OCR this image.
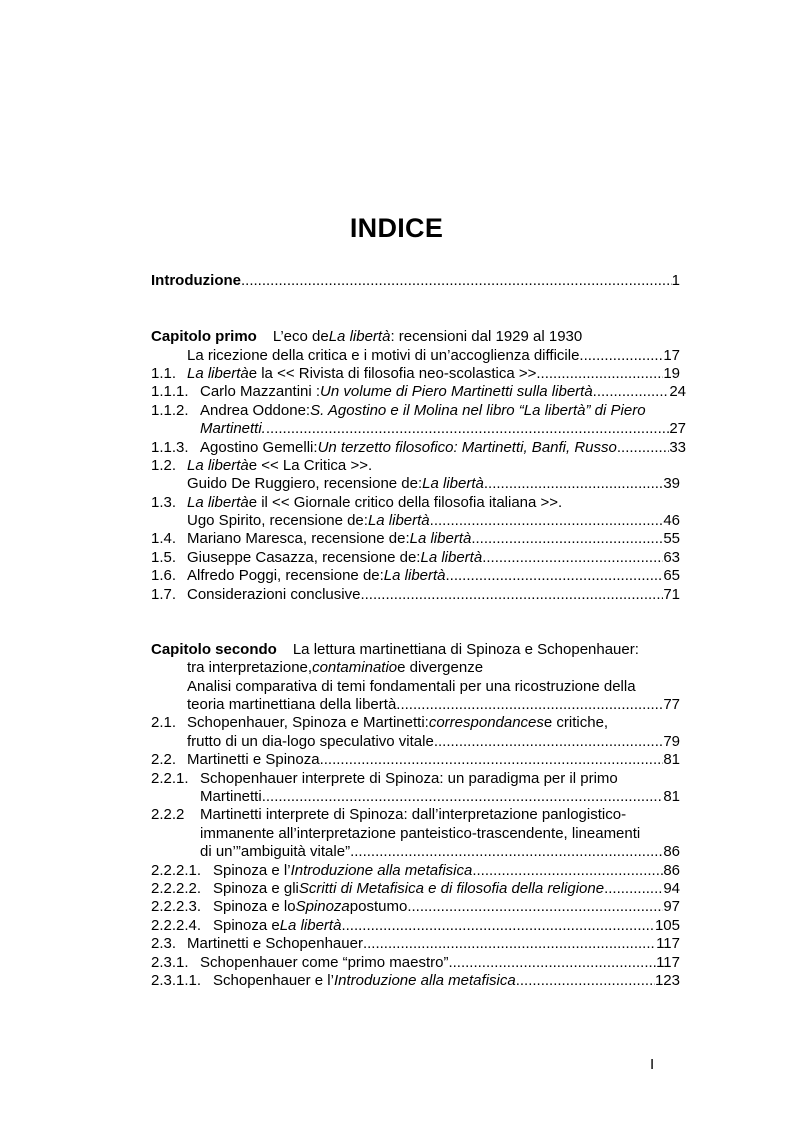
INDICE
Introduzione .....	1
Capitolo primo L’eco de La libertà : recensioni dal 1929 al 1930
La ricezione della critica e i motivi di un’accoglienza difficile .....	17
1.1. La libertà e la << Rivista di filosofia neo-scolastica >> .....	19
1.1.1. Carlo Mazzantini : Un volume di Piero Martinetti sulla libertà .....	24
1.1.2. Andrea Oddone: S. Agostino e il Molina nel libro “La libertà” di Piero
Martinetti. .....	27
1.1.3. Agostino Gemelli: Un terzetto filosofico: Martinetti, Banfi, Russo .....	33
1.2. La libertà e << La Critica >>.
Guido De Ruggiero, recensione de: La libertà .....	39
1.3. La libertà e il << Giornale critico della filosofia italiana >>.
Ugo Spirito, recensione de: La libertà .....	46
1.4. Mariano Maresca, recensione de: La libertà .....	55
1.5. Giuseppe Casazza, recensione de: La libertà .....	63
1.6. Alfredo Poggi, recensione de: La libertà .....	65
1.7. Considerazioni conclusive .....	71
Capitolo secondo La lettura martinettiana di Spinoza e Schopenhauer:
tra interpretazione, contaminatio e divergenze
Analisi comparativa di temi fondamentali per una ricostruzione della
teoria martinettiana della libertà .....	77
2.1. Schopenhauer, Spinoza e Martinetti: correspondances e critiche,
frutto di un dia-logo speculativo vitale .....	79
2.2. Martinetti e Spinoza .....	81
2.2.1. Schopenhauer interprete di Spinoza: un paradigma per il primo
Martinetti .....	81
2.2.2	Martinetti interprete di Spinoza: dall’interpretazione panlogistico-
immanente all’interpretazione panteistico-trascendente, lineamenti
di un’”ambiguità vitale” .....	86
2.2.2.1. Spinoza e l’ Introduzione alla metafisica .....	86
2.2.2.2. Spinoza e gli Scritti di Metafisica e di filosofia della religione .....	94
2.2.2.3. Spinoza e lo Spinoza postumo .....	97
2.2.2.4. Spinoza e La libertà .....	105
2.3. Martinetti e Schopenhauer .....	117
2.3.1. Schopenhauer come “primo maestro” .....	117
2.3.1.1. Schopenhauer e l’ Introduzione alla metafisica .....	123
I
